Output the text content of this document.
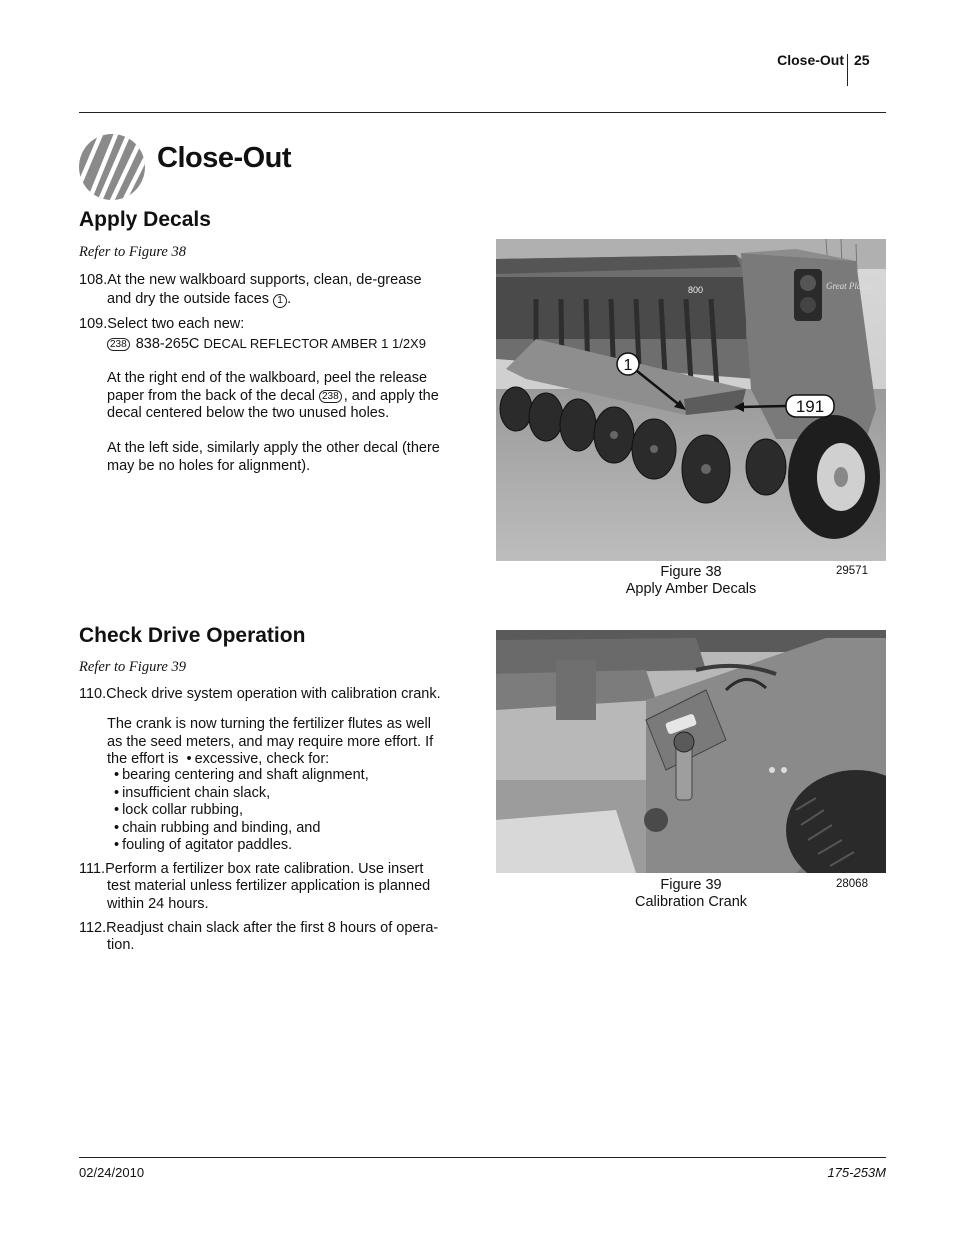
Close-Out 25
Close-Out
Apply Decals
Refer to Figure 38
108.At the new walkboard supports, clean, de-grease
and dry the outside faces 1 .
109.Select two each new:
238 838-265C DECAL REFLECTOR AMBER 1 1/2X9
At the right end of the walkboard, peel the release
paper from the back of the decal 238 , and apply the
decal centered below the two unused holes.
At the left side, similarly apply the other decal (there
may be no holes for alignment).
Great Plains
800
1
191
Figure 38
Apply Amber Decals
29571
Check Drive Operation
Refer to Figure 39
110.Check drive system operation with calibration crank.
The crank is now turning the fertilizer flutes as well
as the seed meters, and may require more effort. If
the effort is  • excessive, check for:
• bearing centering and shaft alignment,
• insufficient chain slack,
• lock collar rubbing,
• chain rubbing and binding, and
• fouling of agitator paddles.
111.Perform a fertilizer box rate calibration. Use insert
test material unless fertilizer application is planned
within 24 hours.
112.Readjust chain slack after the first 8 hours of opera-
tion.
Figure 39
Calibration Crank
28068
02/24/2010	175-253M
